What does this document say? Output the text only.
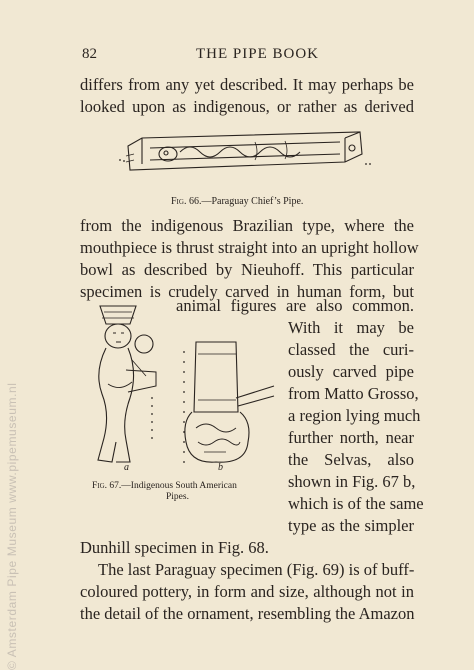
© Amsterdam Pipe Museum www.pipemuseum.nl
82	THE PIPE BOOK
differs from any yet described. It may perhaps be
looked upon as indigenous, or rather as derived
Fig. 66.—Paraguay Chief’s Pipe.
from the indigenous Brazilian type, where the
mouthpiece is thrust straight into an upright hollow
bowl as described by Nieuhoff. This particular
specimen is crudely carved in human form, but
animal figures are also common.
a	b
Fig. 67.—Indigenous South American
Pipes.
With it may be
classed the curi-
ously carved pipe
from Matto Grosso,
a region lying much
further north, near
the Selvas, also
shown in Fig. 67 b,
which is of the same
type as the simpler
Dunhill specimen in Fig. 68.
The last Paraguay specimen (Fig. 69) is of buff-
coloured pottery, in form and size, although not in
the detail of the ornament, resembling the Amazon
